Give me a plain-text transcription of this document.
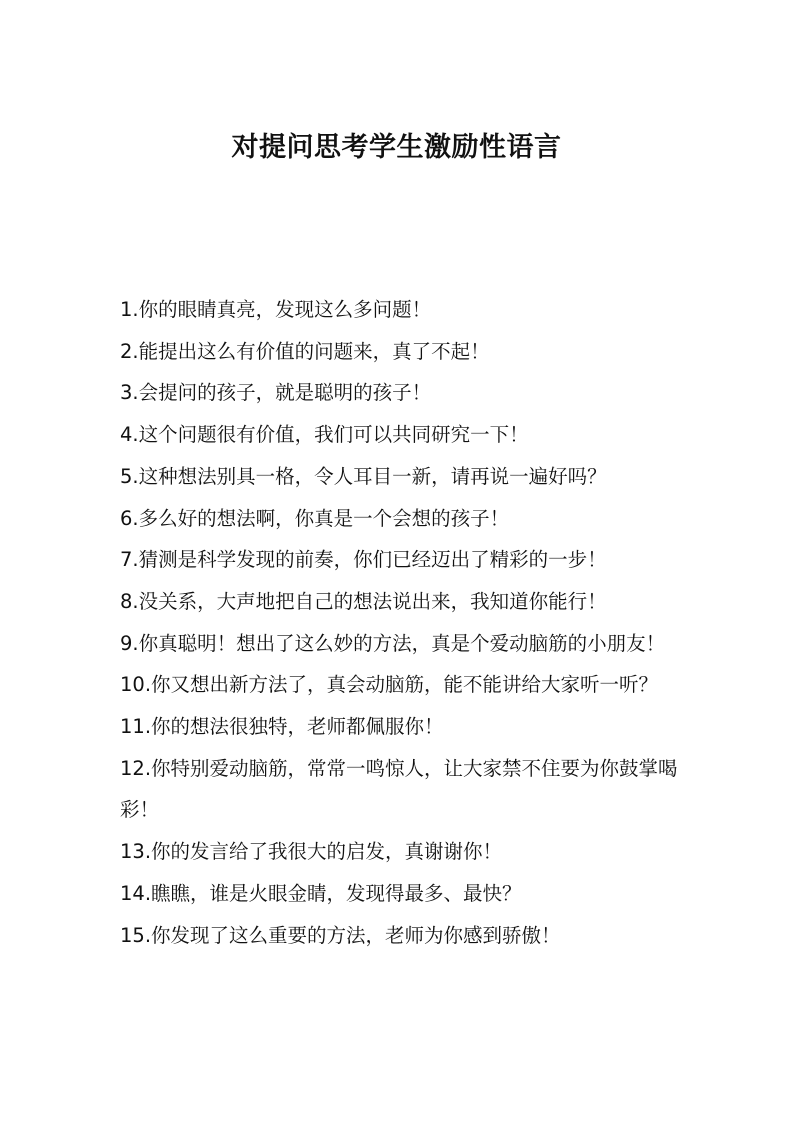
对提问思考学生激励性语言
1.你的眼睛真亮，发现这么多问题！
2.能提出这么有价值的问题来，真了不起！
3.会提问的孩子，就是聪明的孩子！
4.这个问题很有价值，我们可以共同研究一下！
5.这种想法别具一格，令人耳目一新，请再说一遍好吗？
6.多么好的想法啊，你真是一个会想的孩子！
7.猜测是科学发现的前奏，你们已经迈出了精彩的一步！
8.没关系，大声地把自己的想法说出来，我知道你能行！
9.你真聪明！想出了这么妙的方法，真是个爱动脑筋的小朋友！
10.你又想出新方法了，真会动脑筋，能不能讲给大家听一听？
11.你的想法很独特，老师都佩服你！
12.你特别爱动脑筋，常常一鸣惊人，让大家禁不住要为你鼓掌喝彩！
13.你的发言给了我很大的启发，真谢谢你！
14.瞧瞧，谁是火眼金睛，发现得最多、最快？
15.你发现了这么重要的方法，老师为你感到骄傲！
